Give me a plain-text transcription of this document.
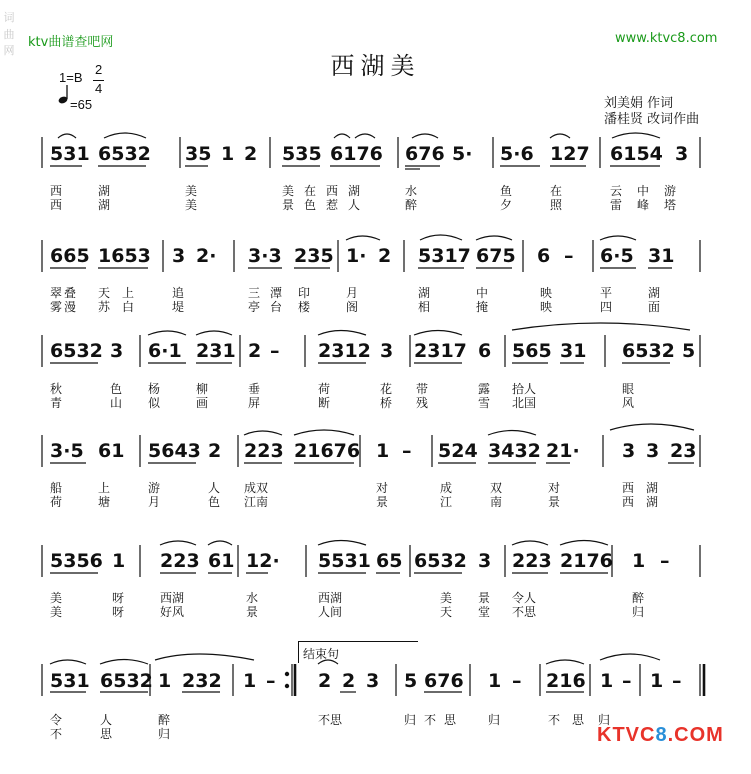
ktv曲谱查吧网	www.ktvc8.com
词曲网

西湖美
1=B
2
4
=65	刘美娟 作词
潘桂贤 改词作曲
结束句
531 6532 35 1 2 535 6176 676 5· 5·6 127 6154 3
西	湖	美	美在西湖	水	鱼	在	云中游
西	湖	美	景色惹人	醉	夕	照	雷峰塔
665 1653 3 2· 3·3 235 1· 2 5317 675 6 – 6·5 31
翠 叠 天 上	追	三 潭 印	月	湖	中	映	平	湖
雾 漫 苏 白	堤	亭 台 楼	阁	相	掩	映	四	面
6532 3 6·1 231 2 – 2312 3 2317 6 565 31 6532 5
秋	色 杨	柳	垂	荷	花 带	露 拾人	眼
青	山 似	画	屏	断	桥 残	雪 北国	风
3·5 61 5643 2 223 21676 1 – 524 3432 21· 3 3 23
船	上	游	人 成双	对	成	双	对	西 湖
荷	塘	月	色 江南	景	江	南	景	西 湖
5356 1 223 61 12· 5531 65 6532 3 223 2176 1 –
美	呀	西湖	水	西湖	美 景 令人	醉
美	呀	好风	景	人间	天 堂 不思	归
531 6532 1 232 1 – 2 2 3 5 676 1 – 216 1 – 1 –
令	人	醉	不思	归 不 思	归	不 思 归
不	思	归	KTVC8.COM
